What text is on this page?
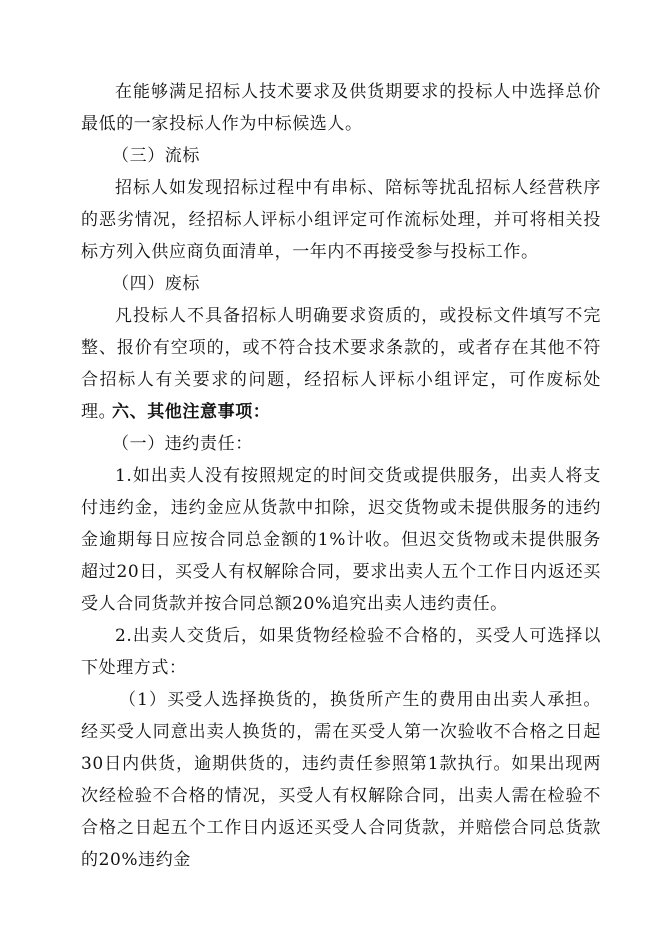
在能够满足招标人技术要求及供货期要求的投标人中选择总价最低的一家投标人作为中标候选人。

（三）流标

招标人如发现招标过程中有串标、陪标等扰乱招标人经营秩序的恶劣情况，经招标人评标小组评定可作流标处理，并可将相关投标方列入供应商负面清单，一年内不再接受参与投标工作。

（四）废标

凡投标人不具备招标人明确要求资质的，或投标文件填写不完整、报价有空项的，或不符合技术要求条款的，或者存在其他不符合招标人有关要求的问题，经招标人评标小组评定，可作废标处理。

六、其他注意事项：

（一）违约责任：

1.如出卖人没有按照规定的时间交货或提供服务，出卖人将支付违约金，违约金应从货款中扣除，迟交货物或未提供服务的违约金逾期每日应按合同总金额的1%计收。但迟交货物或未提供服务超过20日，买受人有权解除合同，要求出卖人五个工作日内返还买受人合同货款并按合同总额20%追究出卖人违约责任。

2.出卖人交货后，如果货物经检验不合格的，买受人可选择以下处理方式：

（1）买受人选择换货的，换货所产生的费用由出卖人承担。经买受人同意出卖人换货的，需在买受人第一次验收不合格之日起30日内供货，逾期供货的，违约责任参照第1款执行。如果出现两次经检验不合格的情况，买受人有权解除合同，出卖人需在检验不合格之日起五个工作日内返还买受人合同货款，并赔偿合同总货款的20%违约金
